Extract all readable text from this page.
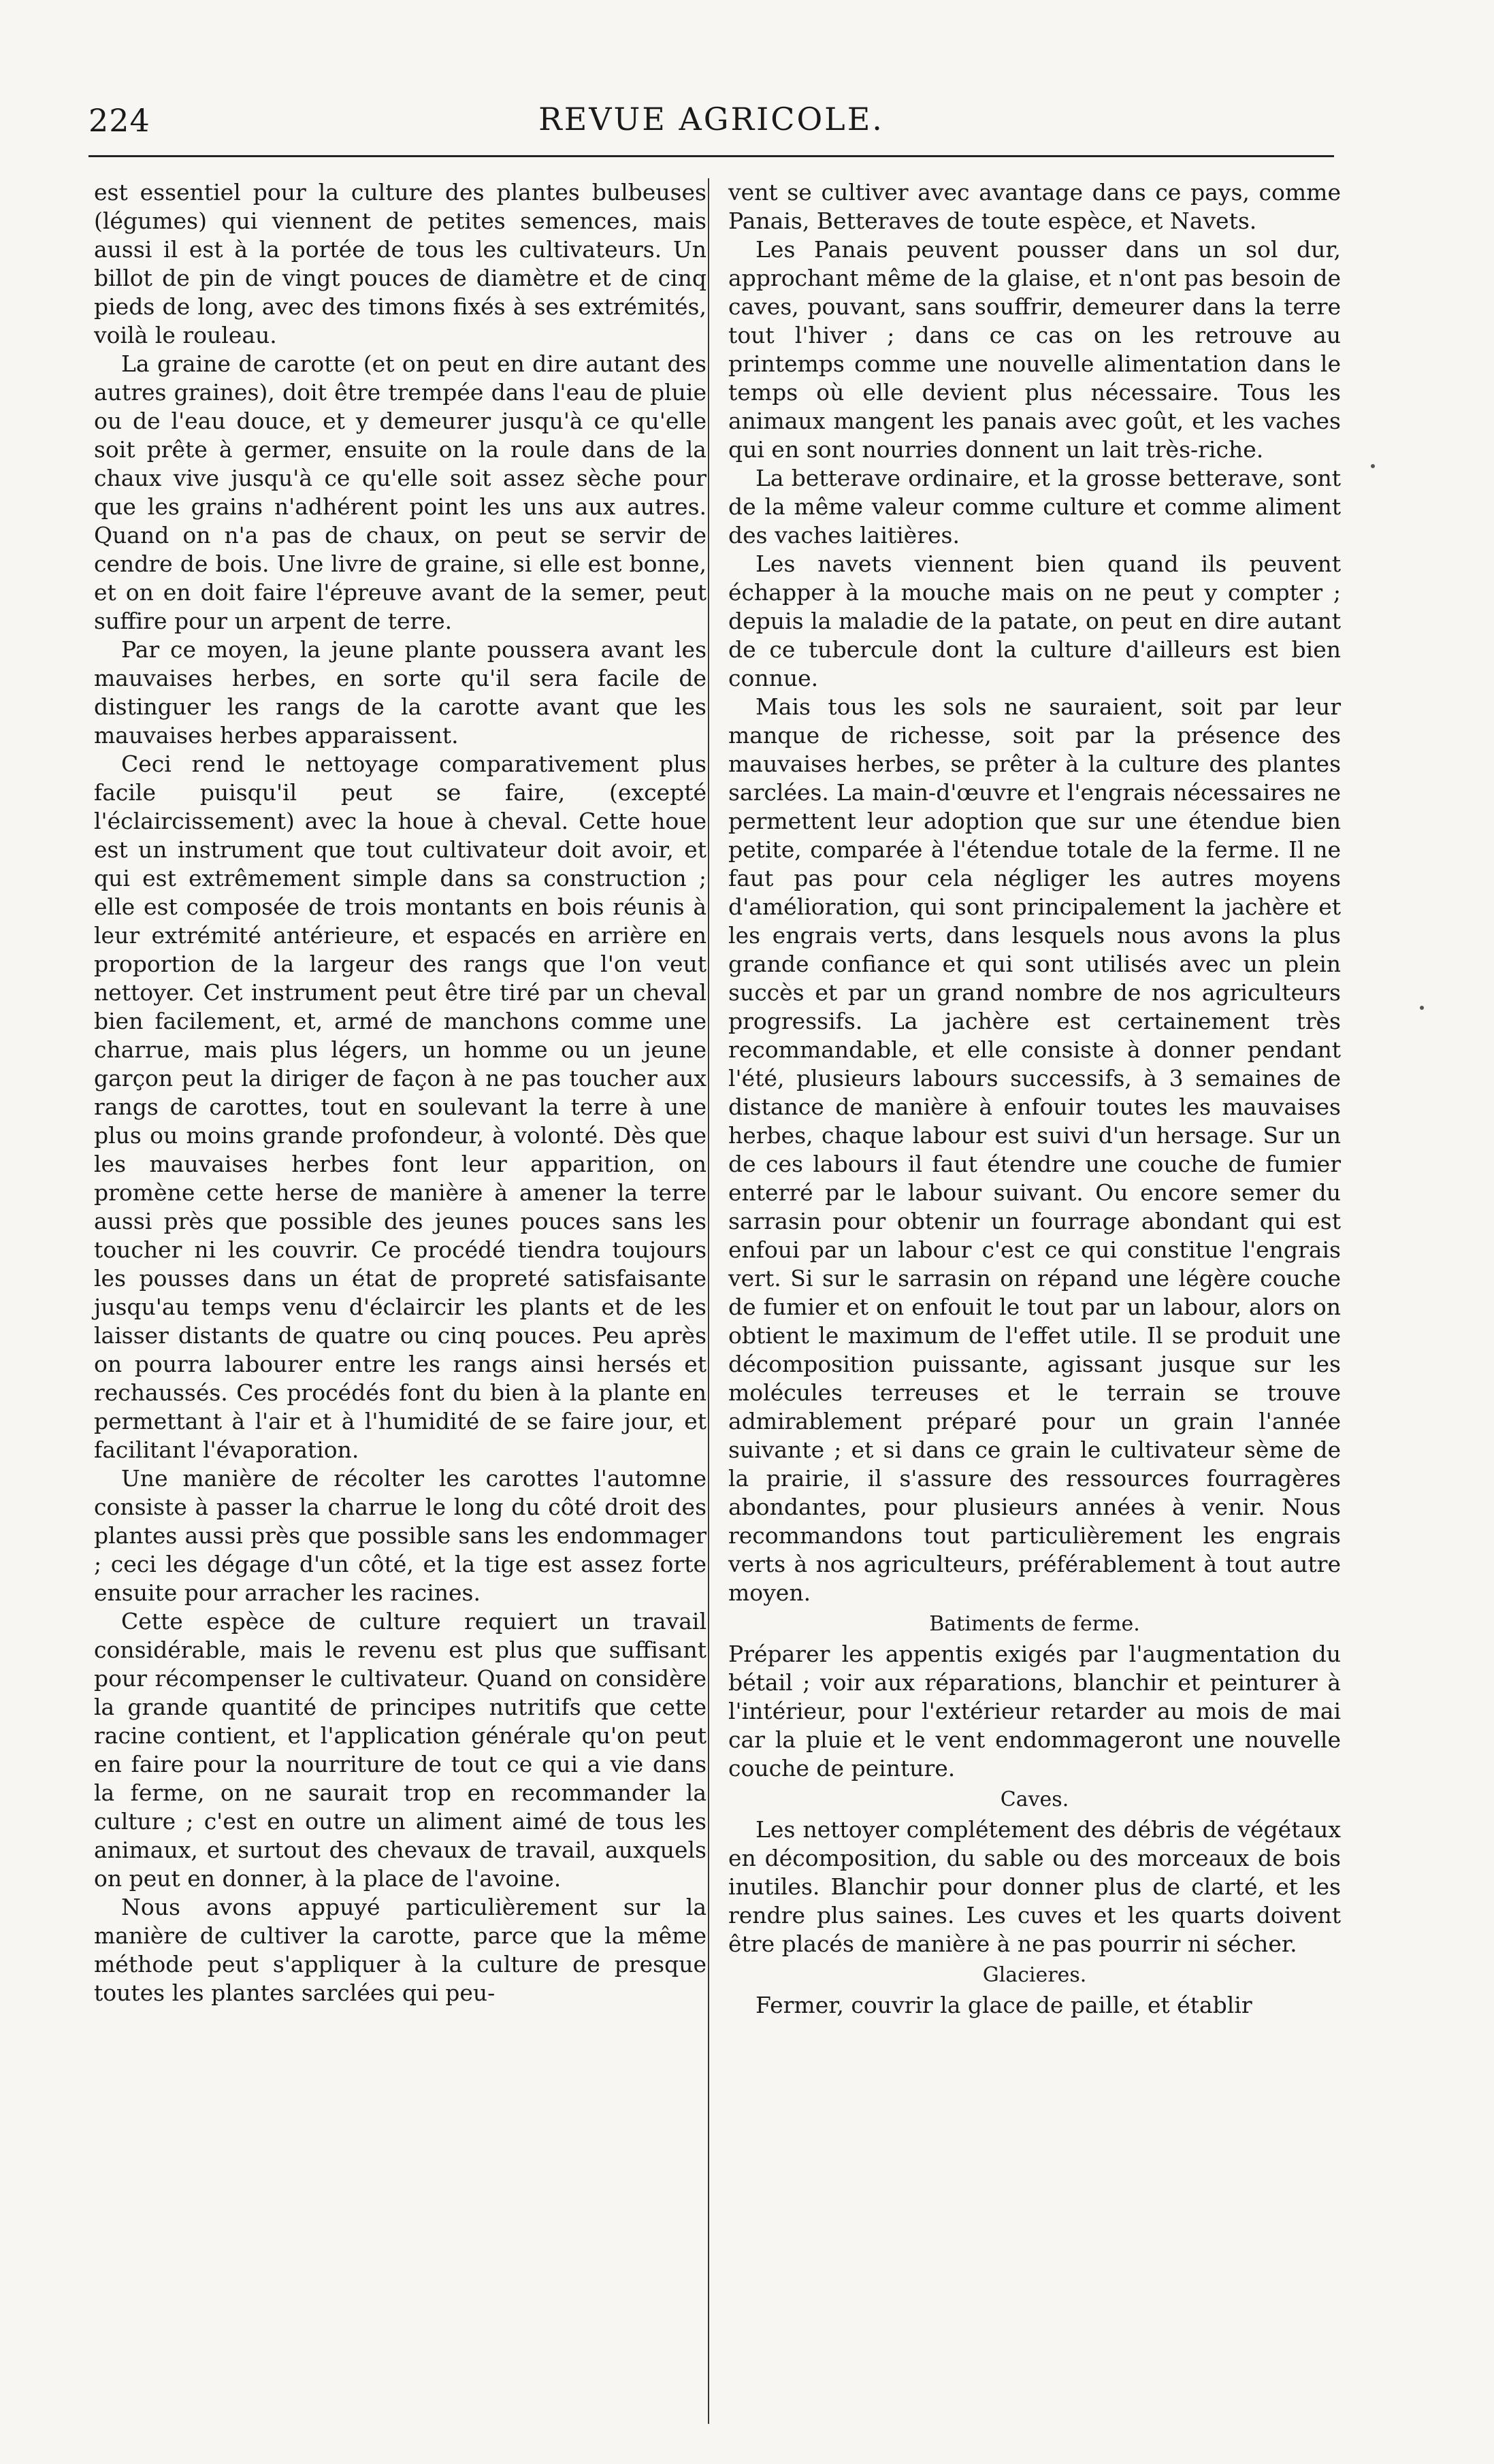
224	REVUE AGRICOLE.

est essentiel pour la culture des plantes bulbeuses (légumes) qui viennent de petites semences, mais aussi il est à la portée de tous les cultivateurs. Un billot de pin de vingt pouces de diamètre et de cinq pieds de long, avec des timons fixés à ses extrémités, voilà le rouleau.

La graine de carotte (et on peut en dire autant des autres graines), doit être trempée dans l'eau de pluie ou de l'eau douce, et y demeurer jusqu'à ce qu'elle soit prête à germer, ensuite on la roule dans de la chaux vive jusqu'à ce qu'elle soit assez sèche pour que les grains n'adhérent point les uns aux autres. Quand on n'a pas de chaux, on peut se servir de cendre de bois. Une livre de graine, si elle est bonne, et on en doit faire l'épreuve avant de la semer, peut suffire pour un arpent de terre.

Par ce moyen, la jeune plante poussera avant les mauvaises herbes, en sorte qu'il sera facile de distinguer les rangs de la carotte avant que les mauvaises herbes apparaissent.

Ceci rend le nettoyage comparativement plus facile puisqu'il peut se faire, (excepté l'éclaircissement) avec la houe à cheval. Cette houe est un instrument que tout cultivateur doit avoir, et qui est extrêmement simple dans sa construction ; elle est composée de trois montants en bois réunis à leur extrémité antérieure, et espacés en arrière en proportion de la largeur des rangs que l'on veut nettoyer. Cet instrument peut être tiré par un cheval bien facilement, et, armé de manchons comme une charrue, mais plus légers, un homme ou un jeune garçon peut la diriger de façon à ne pas toucher aux rangs de carottes, tout en soulevant la terre à une plus ou moins grande profondeur, à volonté. Dès que les mauvaises herbes font leur apparition, on promène cette herse de manière à amener la terre aussi près que possible des jeunes pouces sans les toucher ni les couvrir. Ce procédé tiendra toujours les pousses dans un état de propreté satisfaisante jusqu'au temps venu d'éclaircir les plants et de les laisser distants de quatre ou cinq pouces. Peu après on pourra labourer entre les rangs ainsi hersés et rechaussés. Ces procédés font du bien à la plante en permettant à l'air et à l'humidité de se faire jour, et facilitant l'évaporation.

Une manière de récolter les carottes l'automne consiste à passer la charrue le long du côté droit des plantes aussi près que possible sans les endommager ; ceci les dégage d'un côté, et la tige est assez forte ensuite pour arracher les racines.

Cette espèce de culture requiert un travail considérable, mais le revenu est plus que suffisant pour récompenser le cultivateur. Quand on considère la grande quantité de principes nutritifs que cette racine contient, et l'application générale qu'on peut en faire pour la nourriture de tout ce qui a vie dans la ferme, on ne saurait trop en recommander la culture ; c'est en outre un aliment aimé de tous les animaux, et surtout des chevaux de travail, auxquels on peut en donner, à la place de l'avoine.

Nous avons appuyé particulièrement sur la manière de cultiver la carotte, parce que la même méthode peut s'appliquer à la culture de presque toutes les plantes sarclées qui peu-

vent se cultiver avec avantage dans ce pays, comme Panais, Betteraves de toute espèce, et Navets.

Les Panais peuvent pousser dans un sol dur, approchant même de la glaise, et n'ont pas besoin de caves, pouvant, sans souffrir, demeurer dans la terre tout l'hiver ; dans ce cas on les retrouve au printemps comme une nouvelle alimentation dans le temps où elle devient plus nécessaire. Tous les animaux mangent les panais avec goût, et les vaches qui en sont nourries donnent un lait très-riche.

La betterave ordinaire, et la grosse betterave, sont de la même valeur comme culture et comme aliment des vaches laitières.

Les navets viennent bien quand ils peuvent échapper à la mouche mais on ne peut y compter ; depuis la maladie de la patate, on peut en dire autant de ce tubercule dont la culture d'ailleurs est bien connue.

Mais tous les sols ne sauraient, soit par leur manque de richesse, soit par la présence des mauvaises herbes, se prêter à la culture des plantes sarclées. La main-d'œuvre et l'engrais nécessaires ne permettent leur adoption que sur une étendue bien petite, comparée à l'étendue totale de la ferme. Il ne faut pas pour cela négliger les autres moyens d'amélioration, qui sont principalement la jachère et les engrais verts, dans lesquels nous avons la plus grande confiance et qui sont utilisés avec un plein succès et par un grand nombre de nos agriculteurs progressifs. La jachère est certainement très recommandable, et elle consiste à donner pendant l'été, plusieurs labours successifs, à 3 semaines de distance de manière à enfouir toutes les mauvaises herbes, chaque labour est suivi d'un hersage. Sur un de ces labours il faut étendre une couche de fumier enterré par le labour suivant. Ou encore semer du sarrasin pour obtenir un fourrage abondant qui est enfoui par un labour c'est ce qui constitue l'engrais vert. Si sur le sarrasin on répand une légère couche de fumier et on enfouit le tout par un labour, alors on obtient le maximum de l'effet utile. Il se produit une décomposition puissante, agissant jusque sur les molécules terreuses et le terrain se trouve admirablement préparé pour un grain l'année suivante ; et si dans ce grain le cultivateur sème de la prairie, il s'assure des ressources fourragères abondantes, pour plusieurs années à venir. Nous recommandons tout particulièrement les engrais verts à nos agriculteurs, préférablement à tout autre moyen.

Batiments de ferme.

Préparer les appentis exigés par l'augmentation du bétail ; voir aux réparations, blanchir et peinturer à l'intérieur, pour l'extérieur retarder au mois de mai car la pluie et le vent endommageront une nouvelle couche de peinture.

Caves.

Les nettoyer complétement des débris de végétaux en décomposition, du sable ou des morceaux de bois inutiles. Blanchir pour donner plus de clarté, et les rendre plus saines. Les cuves et les quarts doivent être placés de manière à ne pas pourrir ni sécher.

Glacieres.

Fermer, couvrir la glace de paille, et établir
